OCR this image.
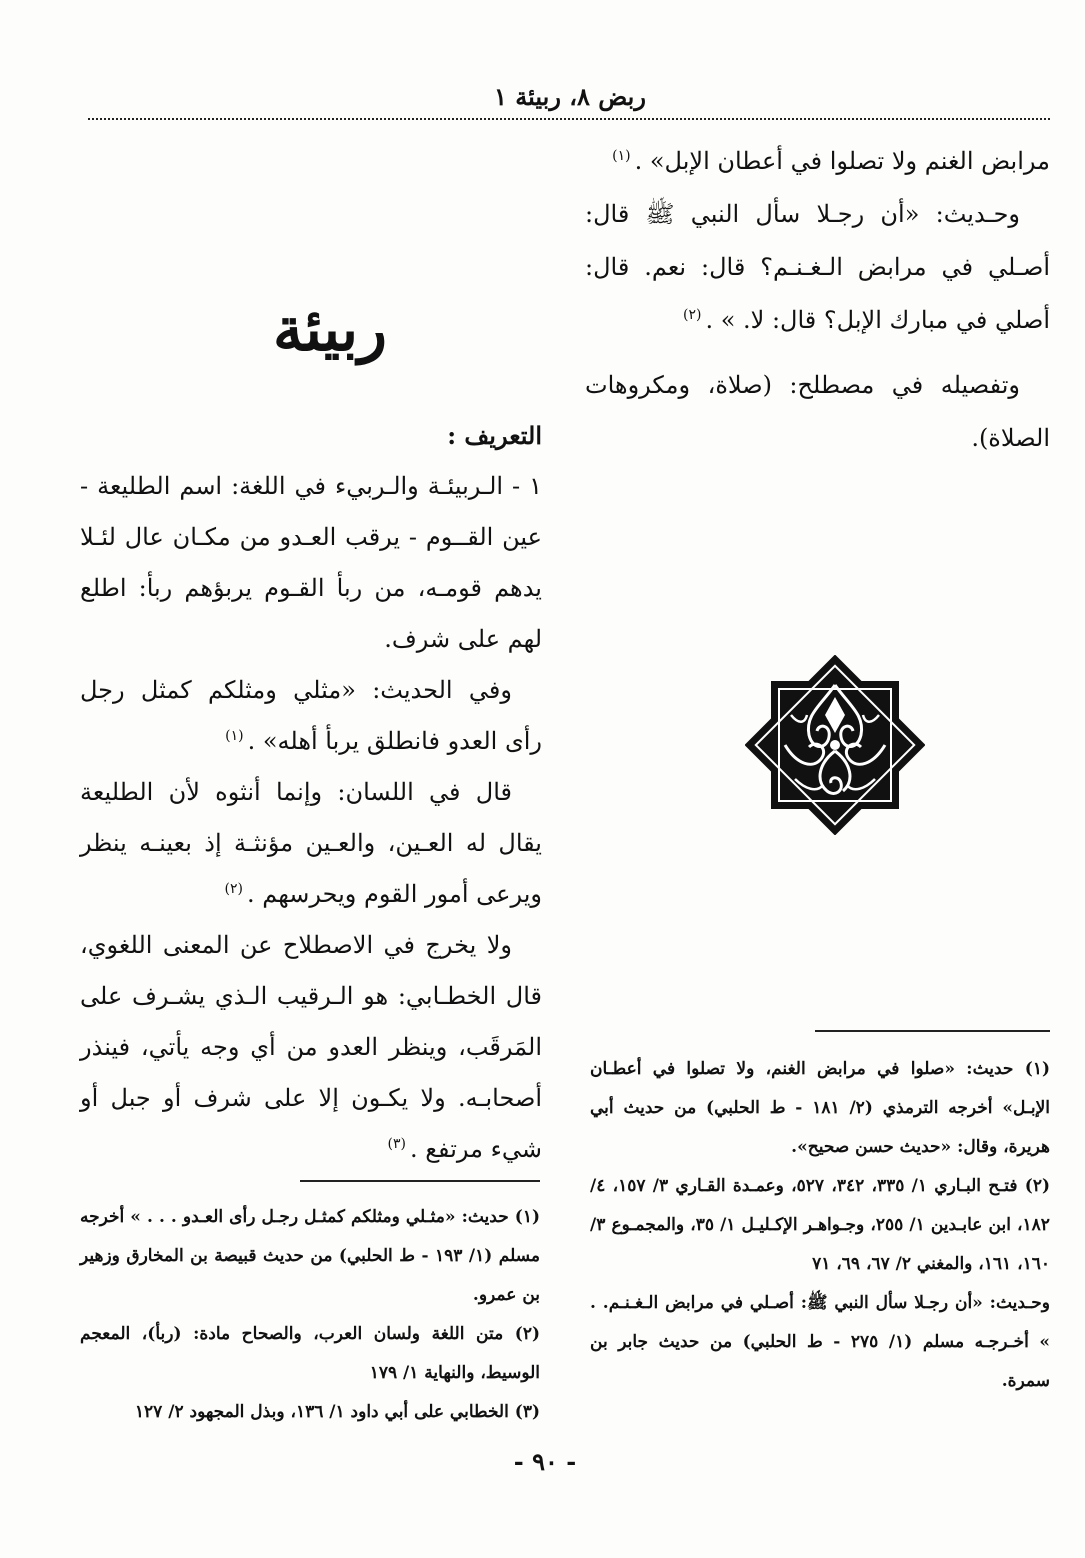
ربض ٨، ربيئة ١

مرابض الغنم ولا تصلوا في أعطان الإبل» .$^{(١)}$

وحـديث: «أن رجـلا سأل النبي ﷺ قال: أصـلي في مرابض الـغـنـم؟ قال: نعم. قال: أصلي في مبارك الإبل؟ قال: لا. » .$^{(٢)}$

وتفصيله في مصطلح: (صلاة، ومكروهات الصلاة).

ربيئة

التعريف :

١ - الـربيئـة والـربيء في اللغة: اسم الطليعة - عين القــوم - يرقب العـدو من مكـان عال لئـلا يدهم قومـه، من ربأ القـوم يربؤهم ربأ: اطلع لهم على شرف.

وفي الحديث: «مثلي ومثلكم كمثل رجل رأى العدو فانطلق يربأ أهله» .$^{(١)}$

قال في اللسان: وإنما أنثوه لأن الطليعة يقال له العـين، والعـين مؤنثـة إذ بعينـه ينظر ويرعى أمور القوم ويحرسهم .$^{(٢)}$

ولا يخرج في الاصطلاح عن المعنى اللغوي، قال الخطـابي: هو الـرقيب الـذي يشـرف على المَرقَب، وينظر العدو من أي وجه يأتي، فينذر أصحابـه. ولا يكـون إلا على شرف أو جبل أو شيء مرتفع .$^{(٣)}$

(١) حديث: «صلوا في مرابض الغنم، ولا تصلوا في أعطـان الإبـل» أخرجه الترمذي (٢/ ١٨١ - ط الحلبي) من حديث أبي هريرة، وقال: «حديث حسن صحيح».

(٢) فتـح البـاري ١/ ٣٣٥، ٣٤٢، ٥٢٧، وعمـدة القـاري ٣/ ١٥٧، ٤/ ١٨٢، ابن عابـدين ١/ ٢٥٥، وجـواهـر الإكـليـل ١/ ٣٥، والمجمـوع ٣/ ١٦٠، ١٦١، والمغني ٢/ ٦٧، ٦٩، ٧١

وحـديث: «أن رجـلا سأل النبي ﷺ: أصـلي في مرابض الـغـنـم. . » أخـرجـه مسلم (١/ ٢٧٥ - ط الحلبي) من حديث جابر بن سمرة.

(١) حديث: «مثـلي ومثلكم كمثـل رجـل رأى العـدو . . . » أخرجه مسلم (١/ ١٩٣ - ط الحلبي) من حديث قبيصة بن المخارق وزهير بن عمرو.

(٢) متن اللغة ولسان العرب، والصحاح مادة: (ربأ)، المعجم الوسيط، والنهاية ١/ ١٧٩

(٣) الخطابي على أبي داود ١/ ١٣٦، وبذل المجهود ٢/ ١٢٧

- ٩٠ -
